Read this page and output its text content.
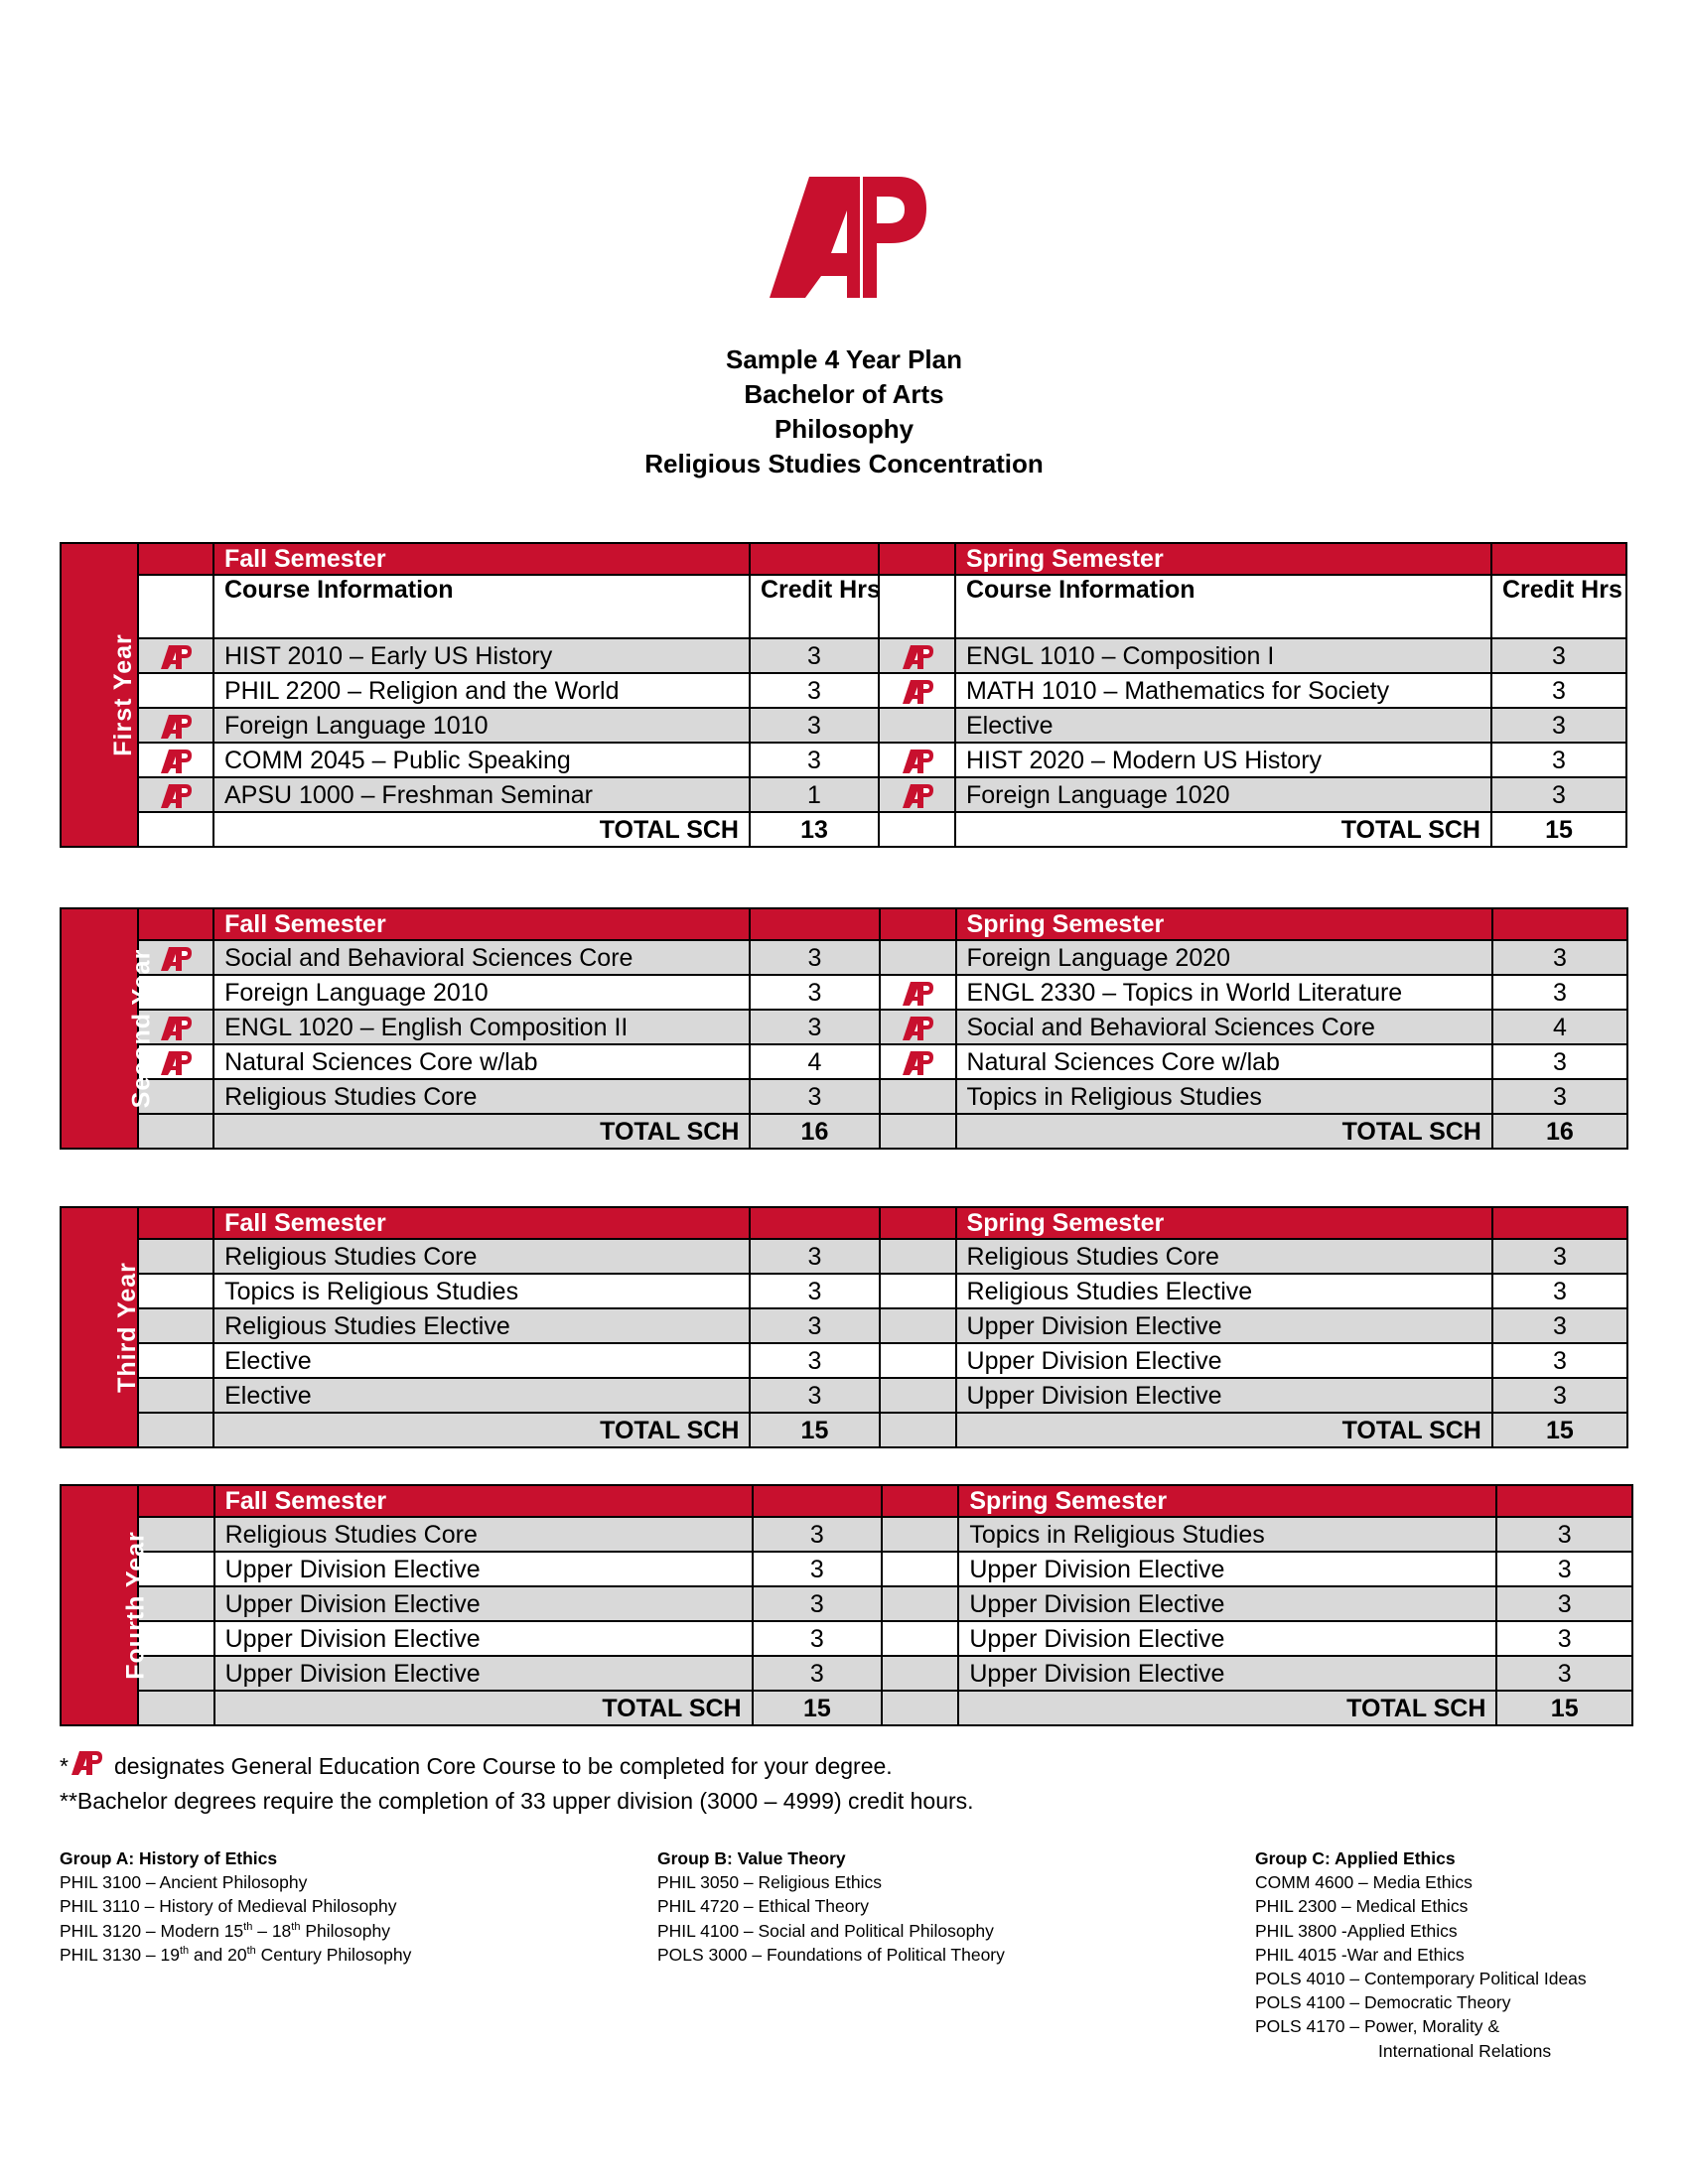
Sample 4 Year Plan
Bachelor of Arts
Philosophy
Religious Studies Concentration
First Year		Fall Semester			Spring Semester	
		Course Information	Credit Hrs		Course Information	Credit Hrs
	HIST 2010 – Early US History	3		ENGL 1010 – Composition I	3
		PHIL 2200 – Religion and the World	3		MATH 1010 – Mathematics for Society	3
	Foreign Language 1010	3		Elective	3
	COMM 2045 – Public Speaking	3		HIST 2020 – Modern US History	3
	APSU 1000 – Freshman Seminar	1		Foreign Language 1020	3
		TOTAL SCH	13		TOTAL SCH	15
Second Year		Fall Semester			Spring Semester	
	Social and Behavioral Sciences Core	3		Foreign Language 2020	3
		Foreign Language 2010	3		ENGL 2330 – Topics in World Literature	3
	ENGL 1020 – English Composition II	3		Social and Behavioral Sciences Core	4
	Natural Sciences Core w/lab	4		Natural Sciences Core w/lab	3
		Religious Studies Core	3		Topics in Religious Studies	3
		TOTAL SCH	16		TOTAL SCH	16
Third Year		Fall Semester			Spring Semester	
		Religious Studies Core	3		Religious Studies Core	3
		Topics is Religious Studies	3		Religious Studies Elective	3
		Religious Studies Elective	3		Upper Division Elective	3
		Elective	3		Upper Division Elective	3
		Elective	3		Upper Division Elective	3
		TOTAL SCH	15		TOTAL SCH	15
Fourth Year		Fall Semester			Spring Semester	
		Religious Studies Core	3		Topics in Religious Studies	3
		Upper Division Elective	3		Upper Division Elective	3
		Upper Division Elective	3		Upper Division Elective	3
		Upper Division Elective	3		Upper Division Elective	3
		Upper Division Elective	3		Upper Division Elective	3
		TOTAL SCH	15		TOTAL SCH	15
* designates General Education Core Course to be completed for your degree.
**Bachelor degrees require the completion of 33 upper division (3000 – 4999) credit hours.
Group A: History of Ethics
PHIL 3100 – Ancient Philosophy
PHIL 3110 – History of Medieval Philosophy
PHIL 3120 – Modern 15th – 18th Philosophy
PHIL 3130 – 19th and 20th Century Philosophy
Group B: Value Theory
PHIL 3050 – Religious Ethics
PHIL 4720 – Ethical Theory
PHIL 4100 – Social and Political Philosophy
POLS 3000 – Foundations of Political Theory
Group C: Applied Ethics
COMM 4600 – Media Ethics
PHIL 2300 – Medical Ethics
PHIL 3800 -Applied Ethics
PHIL 4015 -War and Ethics
POLS 4010 – Contemporary Political Ideas
POLS 4100 – Democratic Theory
POLS 4170 – Power, Morality &
International Relations
